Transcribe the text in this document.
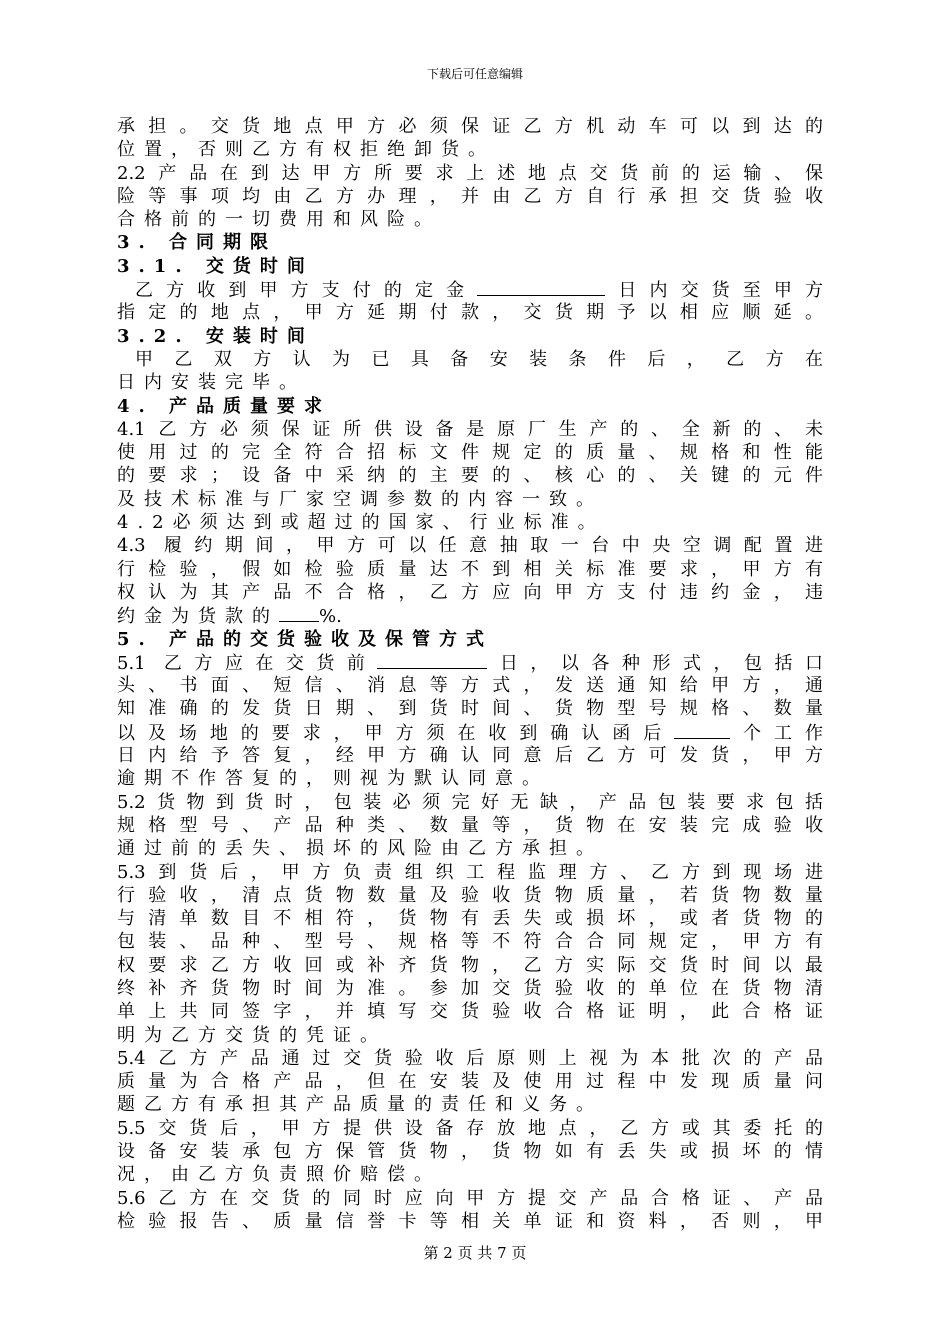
下载后可任意编辑
承担。交货地点甲方必须保证乙方机动车可以到达的
位置，否则乙方有权拒绝卸货。
2.2产品在到达甲方所要求上述地点交货前的运输、保
险等事项均由乙方办理，并由乙方自行承担交货验收
合格前的一切费用和风险。
3. 合同期限
3.1. 交货时间
乙方收到甲方支付的定金	日内交货至甲方
指定的地点，甲方延期付款，交货期予以相应顺延。
3.2. 安装时间
甲乙双方认为已具备安装条件后，乙方在
日内安装完毕。
4. 产品质量要求
4.1乙方必须保证所供设备是原厂生产的、全新的、未
使用过的完全符合招标文件规定的质量、规格和性能
的要求；设备中采纳的主要的、核心的、关键的元件
及技术标准与厂家空调参数的内容一致。
4.2必须达到或超过的国家、行业标准。
4.3 履约期间，甲方可以任意抽取一台中央空调配置进
行检验，假如检验质量达不到相关标准要求，甲方有
权认为其产品不合格，乙方应向甲方支付违约金，违
约金为货款的 %.
5. 产品的交货验收及保管方式
5.1 乙方应在交货前	日，以各种形式，包括口
头、书面、短信、消息等方式，发送通知给甲方，通
知准确的发货日期、到货时间、货物型号规格、数量
以及场地的要求，甲方须在收到确认函后	个工作
日内给予答复，经甲方确认同意后乙方可发货，甲方
逾期不作答复的，则视为默认同意。
5.2货物到货时，包装必须完好无缺，产品包装要求包括
规格型号、产品种类、数量等，货物在安装完成验收
通过前的丢失、损坏的风险由乙方承担。
5.3到货后，甲方负责组织工程监理方、乙方到现场进
行验收，清点货物数量及验收货物质量，若货物数量
与清单数目不相符，货物有丢失或损坏，或者货物的
包装、品种、型号、规格等不符合合同规定，甲方有
权要求乙方收回或补齐货物，乙方实际交货时间以最
终补齐货物时间为准。参加交货验收的单位在货物清
单上共同签字，并填写交货验收合格证明，此合格证
明为乙方交货的凭证。
5.4乙方产品通过交货验收后原则上视为本批次的产品
质量为合格产品，但在安装及使用过程中发现质量问
题乙方有承担其产品质量的责任和义务。
5.5交货后，甲方提供设备存放地点，乙方或其委托的
设备安装承包方保管货物，货物如有丢失或损坏的情
况，由乙方负责照价赔偿。
5.6乙方在交货的同时应向甲方提交产品合格证、产品
检验报告、质量信誉卡等相关单证和资料，否则，甲
第 2 页 共 7 页
